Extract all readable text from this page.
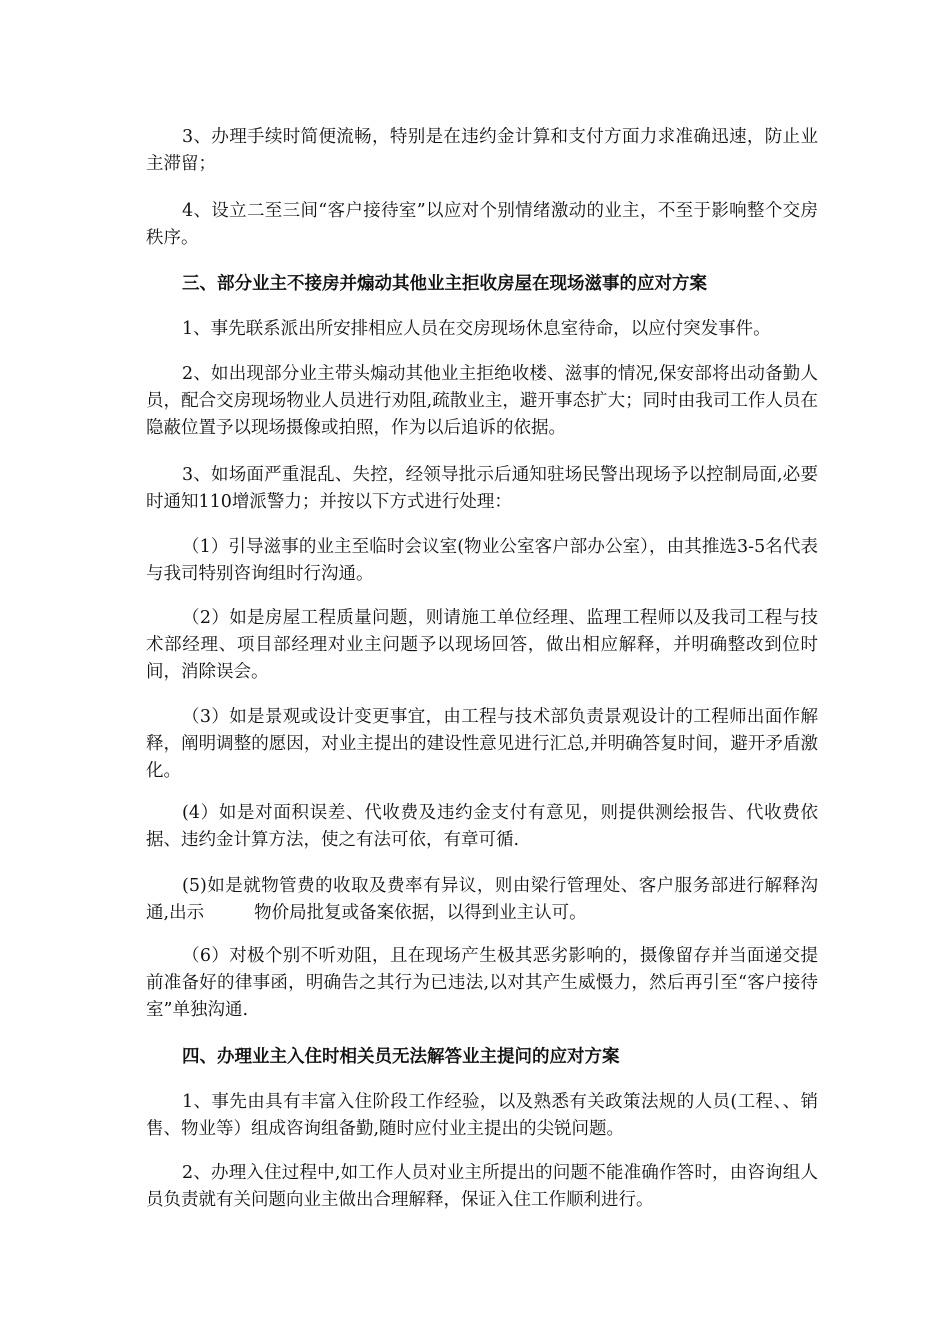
3、办理手续时简便流畅，特别是在违约金计算和支付方面力求准确迅速，防止业主滞留；

4、设立二至三间“客户接待室”以应对个别情绪激动的业主，不至于影响整个交房秩序。

三、部分业主不接房并煽动其他业主拒收房屋在现场滋事的应对方案

1、事先联系派出所安排相应人员在交房现场休息室待命，以应付突发事件。

2、如出现部分业主带头煽动其他业主拒绝收楼、滋事的情况,保安部将出动备勤人员，配合交房现场物业人员进行劝阻,疏散业主，避开事态扩大；同时由我司工作人员在隐蔽位置予以现场摄像或拍照，作为以后追诉的依据。

3、如场面严重混乱、失控，经领导批示后通知驻场民警出现场予以控制局面,必要时通知110增派警力；并按以下方式进行处理：

（1）引导滋事的业主至临时会议室(物业公室客户部办公室），由其推选3-5名代表与我司特别咨询组时行沟通。

（2）如是房屋工程质量问题，则请施工单位经理、监理工程师以及我司工程与技术部经理、项目部经理对业主问题予以现场回答，做出相应解释，并明确整改到位时间，消除误会。

（3）如是景观或设计变更事宜，由工程与技术部负责景观设计的工程师出面作解释，阐明调整的愿因，对业主提出的建设性意见进行汇总,并明确答复时间，避开矛盾激化。

(4）如是对面积误差、代收费及违约金支付有意见，则提供测绘报告、代收费依据、违约金计算方法，使之有法可依，有章可循.

(5)如是就物管费的收取及费率有异议，则由梁行管理处、客户服务部进行解释沟通,出示         物价局批复或备案依据，以得到业主认可。

（6）对极个别不听劝阻，且在现场产生极其恶劣影响的，摄像留存并当面递交提前准备好的律事函，明确告之其行为已违法,以对其产生威慑力，然后再引至“客户接待室”单独沟通.

四、办理业主入住时相关员无法解答业主提问的应对方案

1、事先由具有丰富入住阶段工作经验，以及熟悉有关政策法规的人员(工程、、销售、物业等）组成咨询组备勤,随时应付业主提出的尖锐问题。

2、办理入住过程中,如工作人员对业主所提出的问题不能准确作答时，由咨询组人员负责就有关问题向业主做出合理解释，保证入住工作顺利进行。
